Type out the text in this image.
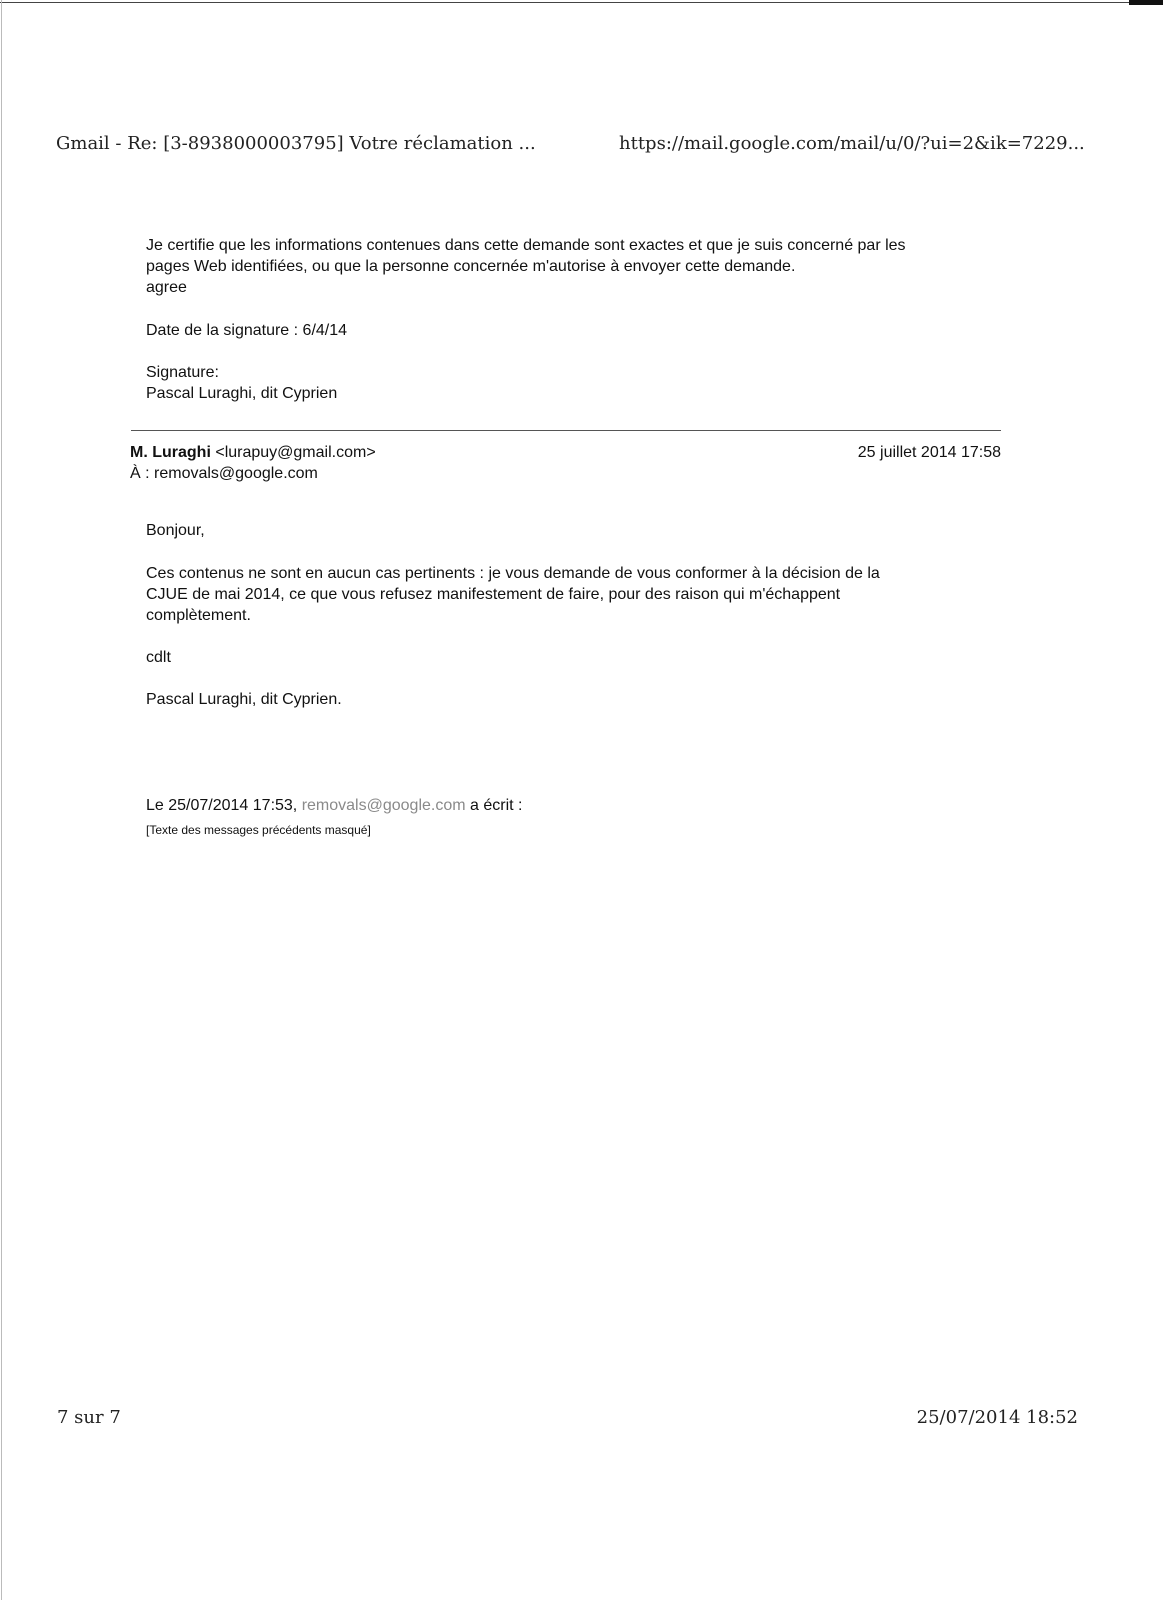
Gmail - Re: [3-8938000003795] Votre réclamation ...	https://mail.google.com/mail/u/0/?ui=2&ik=7229...

Je certifie que les informations contenues dans cette demande sont exactes et que je suis concerné par les

pages Web identifiées, ou que la personne concernée m'autorise à envoyer cette demande.

agree

Date de la signature : 6/4/14

Signature:

Pascal Luraghi, dit Cyprien

M. Luraghi <lurapuy@gmail.com>
À : removals@google.com
25 juillet 2014 17:58
Bonjour,

Ces contenus ne sont en aucun cas pertinents : je vous demande de vous conformer à la décision de la

CJUE de mai 2014, ce que vous refusez manifestement de faire, pour des raison qui m'échappent

complètement.

cdlt
Pascal Luraghi, dit Cyprien.
Le 25/07/2014 17:53, removals@google.com a écrit :
[Texte des messages précédents masqué]
7 sur 7	25/07/2014 18:52
